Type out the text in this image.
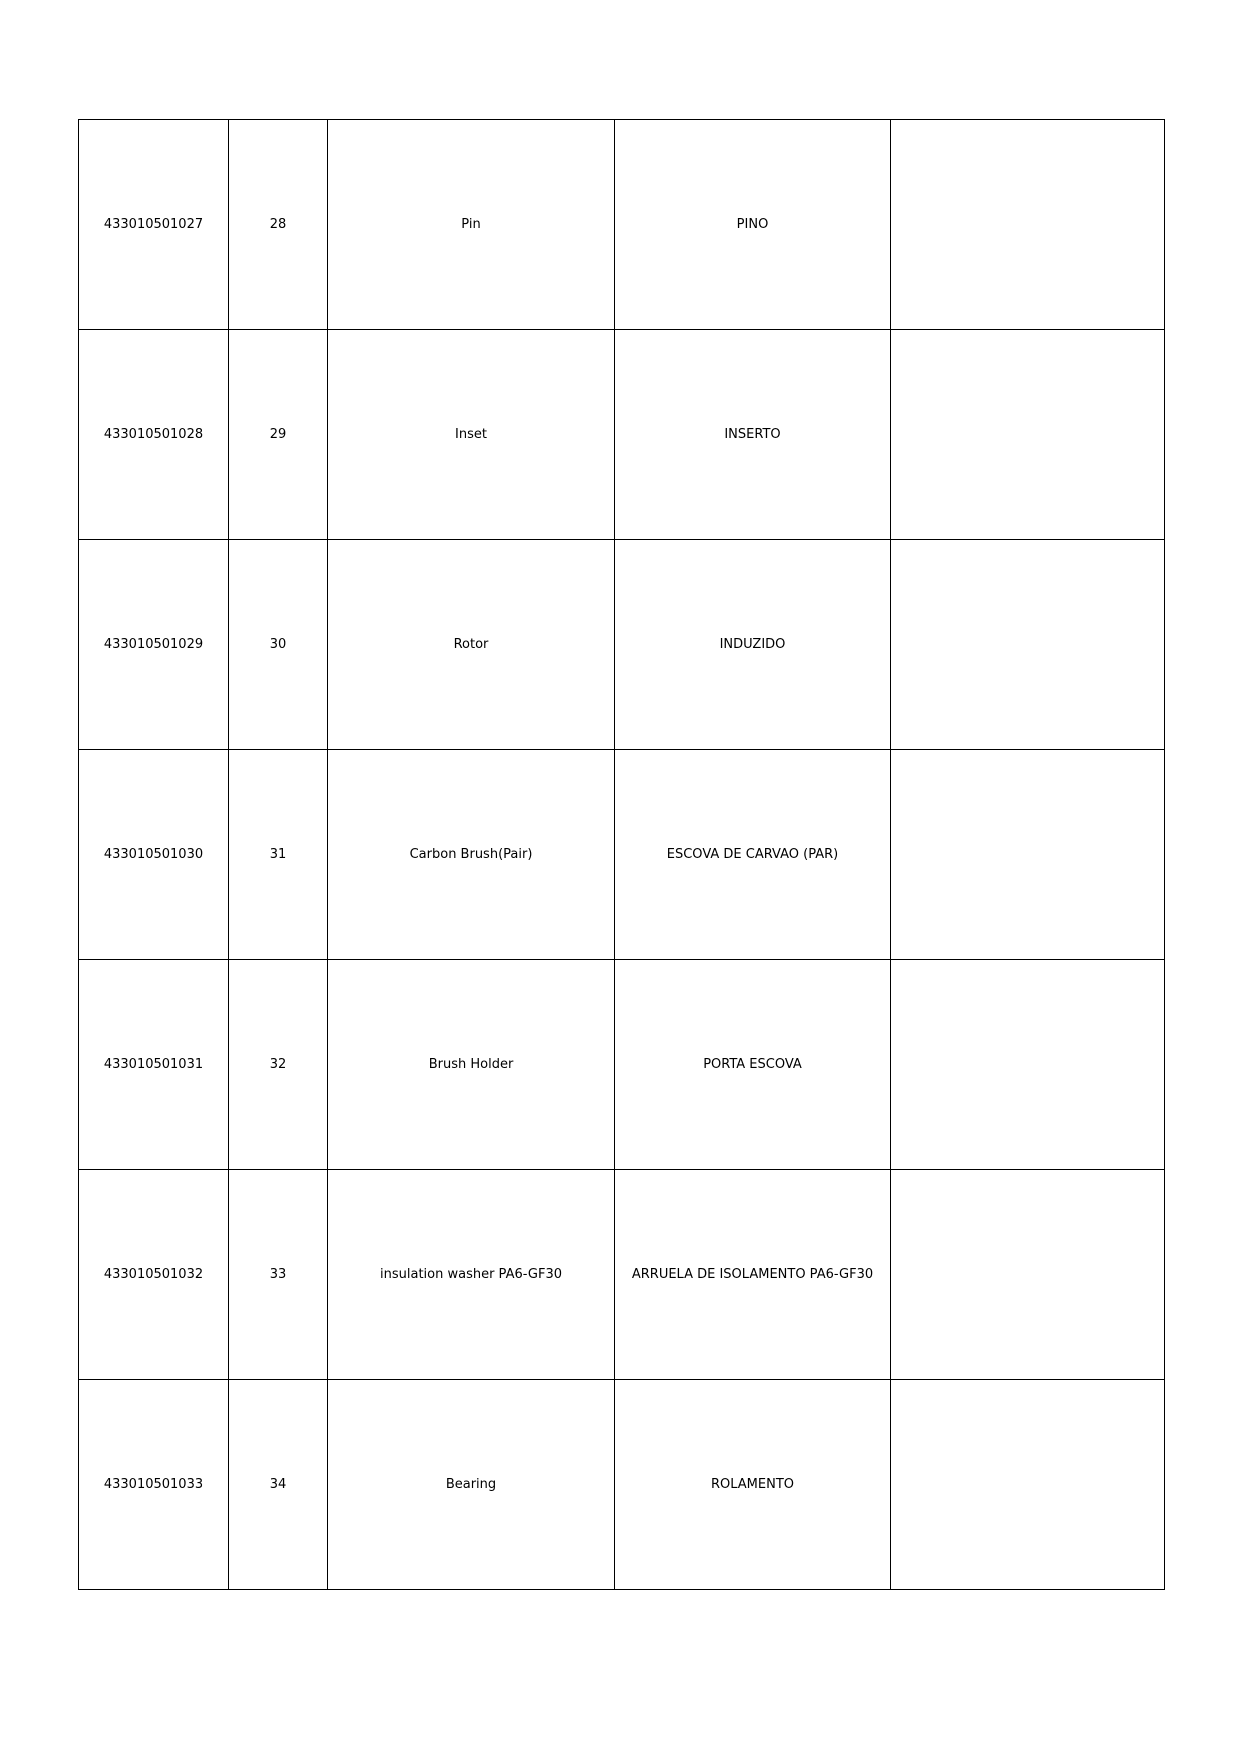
433010501027	28	Pin	PINO	
433010501028	29	Inset	INSERTO	
433010501029	30	Rotor	INDUZIDO	
433010501030	31	Carbon Brush(Pair)	ESCOVA DE CARVAO (PAR)	
433010501031	32	Brush Holder	PORTA ESCOVA	
433010501032	33	insulation washer PA6-GF30	ARRUELA DE ISOLAMENTO PA6-GF30	
433010501033	34	Bearing	ROLAMENTO	
